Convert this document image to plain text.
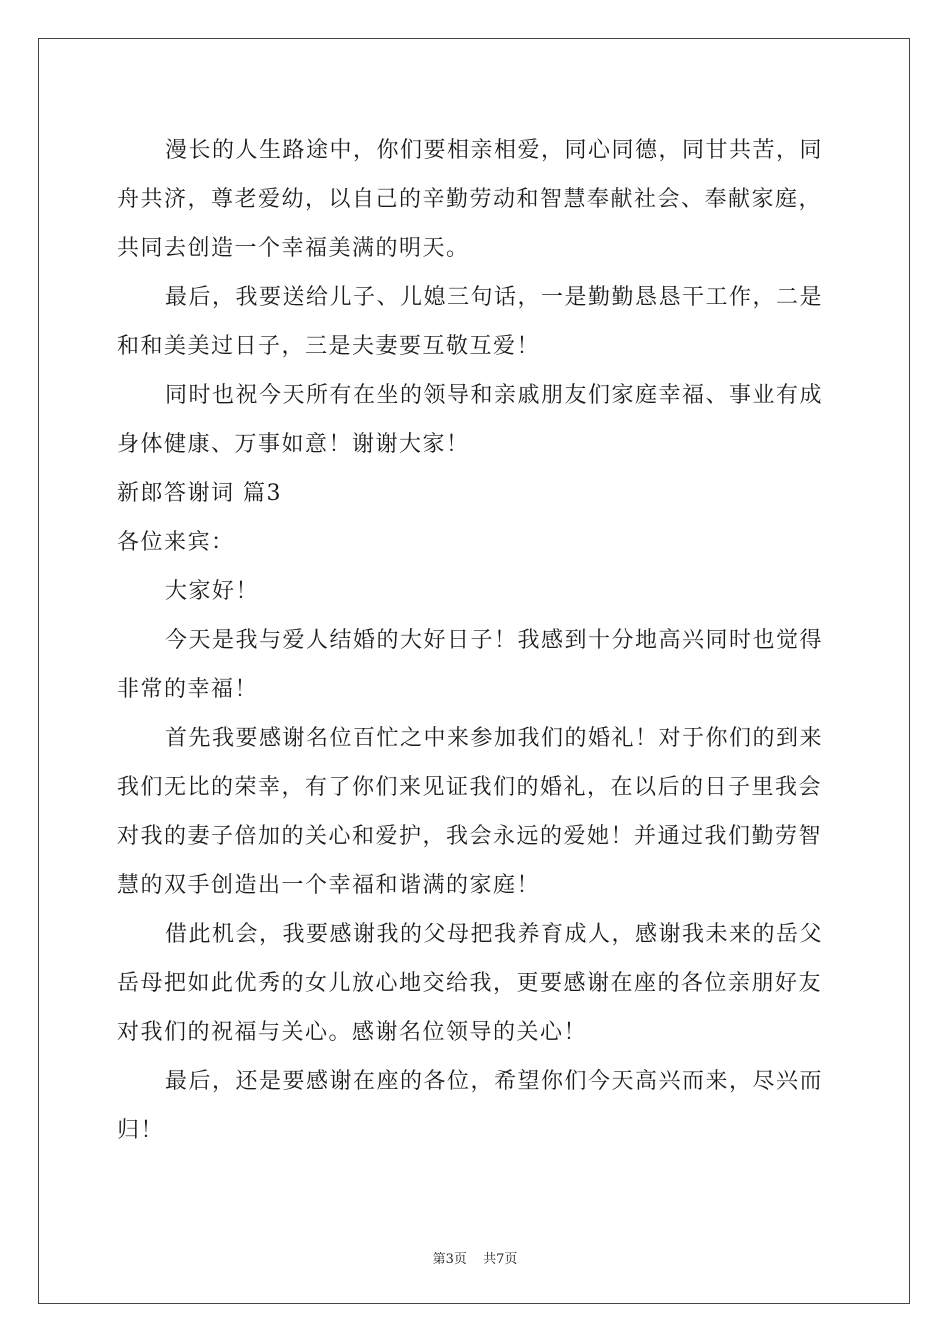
漫长的人生路途中，你们要相亲相爱，同心同德，同甘共苦，同
舟共济，尊老爱幼，以自己的辛勤劳动和智慧奉献社会、奉献家庭，
共同去创造一个幸福美满的明天。
最后，我要送给儿子、儿媳三句话，一是勤勤恳恳干工作，二是
和和美美过日子，三是夫妻要互敬互爱！
同时也祝今天所有在坐的领导和亲戚朋友们家庭幸福、事业有成
身体健康、万事如意！谢谢大家！
新郎答谢词 篇3
各位来宾：
大家好！
今天是我与爱人结婚的大好日子！我感到十分地高兴同时也觉得
非常的幸福！
首先我要感谢名位百忙之中来参加我们的婚礼！对于你们的到来
我们无比的荣幸，有了你们来见证我们的婚礼，在以后的日子里我会
对我的妻子倍加的关心和爱护，我会永远的爱她！并通过我们勤劳智
慧的双手创造出一个幸福和谐满的家庭！
借此机会，我要感谢我的父母把我养育成人，感谢我未来的岳父
岳母把如此优秀的女儿放心地交给我，更要感谢在座的各位亲朋好友
对我们的祝福与关心。感谢名位领导的关心！
最后，还是要感谢在座的各位，希望你们今天高兴而来，尽兴而
归！
第3页 共7页
